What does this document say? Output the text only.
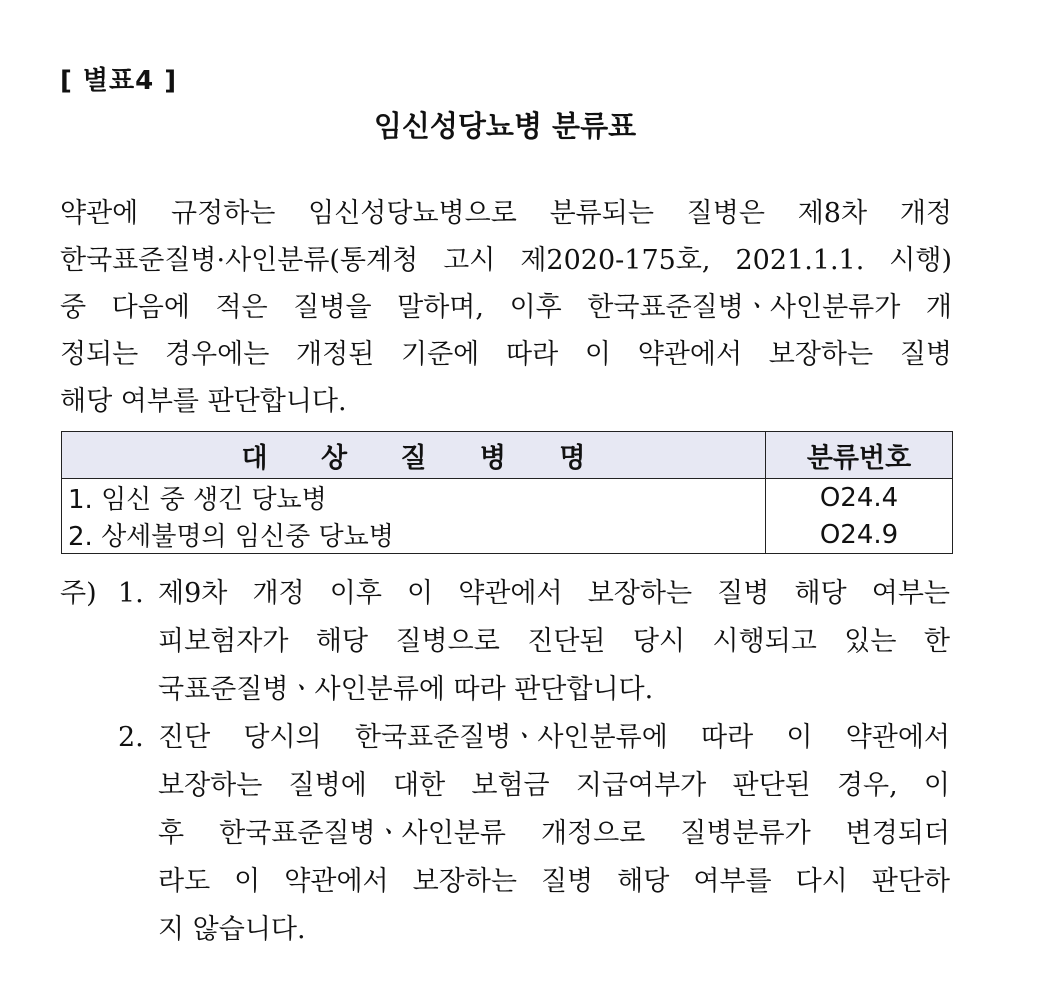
[ 별표4 ]
임신성당뇨병 분류표
약관에 규정하는 임신성당뇨병으로 분류되는 질병은 제8차 개정
한국표준질병·사인분류(통계청 고시 제2020-175호, 2021.1.1. 시행)
중 다음에 적은 질병을 말하며, 이후 한국표준질병ㆍ사인분류가 개
정되는 경우에는 개정된 기준에 따라 이 약관에서 보장하는 질병
해당 여부를 판단합니다.
대 상 질 병 명	분류번호
1. 임신 중 생긴 당뇨병	O24.4
2. 상세불명의 임신중 당뇨병	O24.9
주) 1. 제9차 개정 이후 이 약관에서 보장하는 질병 해당 여부는
피보험자가 해당 질병으로 진단된 당시 시행되고 있는 한
국표준질병ㆍ사인분류에 따라 판단합니다.
2. 진단 당시의 한국표준질병ㆍ사인분류에 따라 이 약관에서
보장하는 질병에 대한 보험금 지급여부가 판단된 경우, 이
후 한국표준질병ㆍ사인분류 개정으로 질병분류가 변경되더
라도 이 약관에서 보장하는 질병 해당 여부를 다시 판단하
지 않습니다.
